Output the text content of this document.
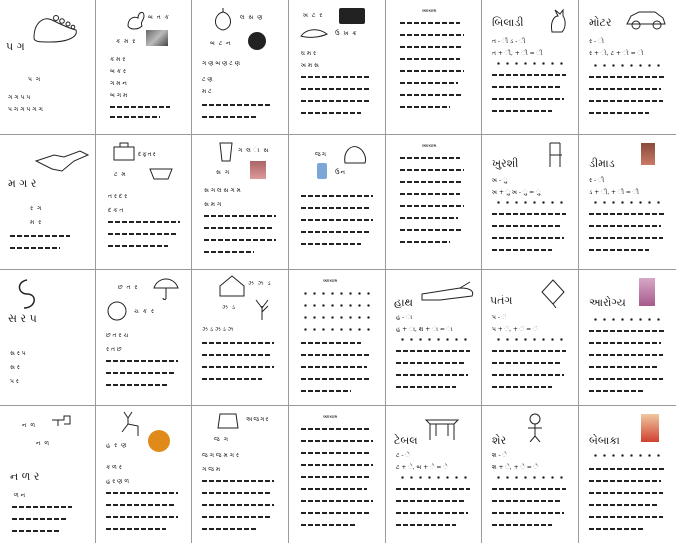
પ ગ
પ ગ
ગ ગ પ પ
પ ગ ગ પ ગ ગ
બ ત ક
ક મ ર
ક મ ર
બ ક ર
ગ મ ન
બ ગ મ
લ સ ણ
બ ટ ન
ગ ણ બ ણ ટ ણ
ટ ણ
મ ટ
ખ ટ ર
ઉ ખ ક્ર
ઘ મ ર
ખ મ સ
વ્યાયામ
બિલાડી
ત - ી ડ - ી
ત + ી, + ી = ી
મોટર
ર - ો
ર + ો, ટ + ો = ો
મ ગ ર
ર ગ
મ ર
દફતર
ટ મ
ત ર દ ર
દ ક ત
ગ લ ા સ
સ ગ
સ ગ લ સ ગ મ
સ મ ગ
જગ
ઉન
વ્યાયામ
ખુરશી
ખ - ુ
ખ + ુ ખ - ુ = ુ
ડીમાડ
ર - ી
ડ + ી, + ી = ી
સ ર પ
સ ર પ
સ ર
પ ર
છ ત ર
ચ ક ર
છ ત ર ચ
ર ત છ
ઝ ઝ ડ
ઝ ડ
ઝ ડ ઝ ડ ઝ
વ્યાયામ
હાથ
હ - ા
હ + ા, થ + ા = ા
પતંગ
પ - ં
પ + ં, + ં = ં
આરોગ્ય
ન ળ
ન ળ
ન ળ ર
ળ ન
હ ર ણ
ક ળ ર
હ ર ણ ળ
અજગર
જ ગ
જ ગ જ મ ગ ર
ગ જ મ
વ્યાયામ
ટેબલ
ટ - ે
ટ + ે, બ + ે = ે
શેર
શ - ે
શ + ે, + ે = ે
બેબાકા
